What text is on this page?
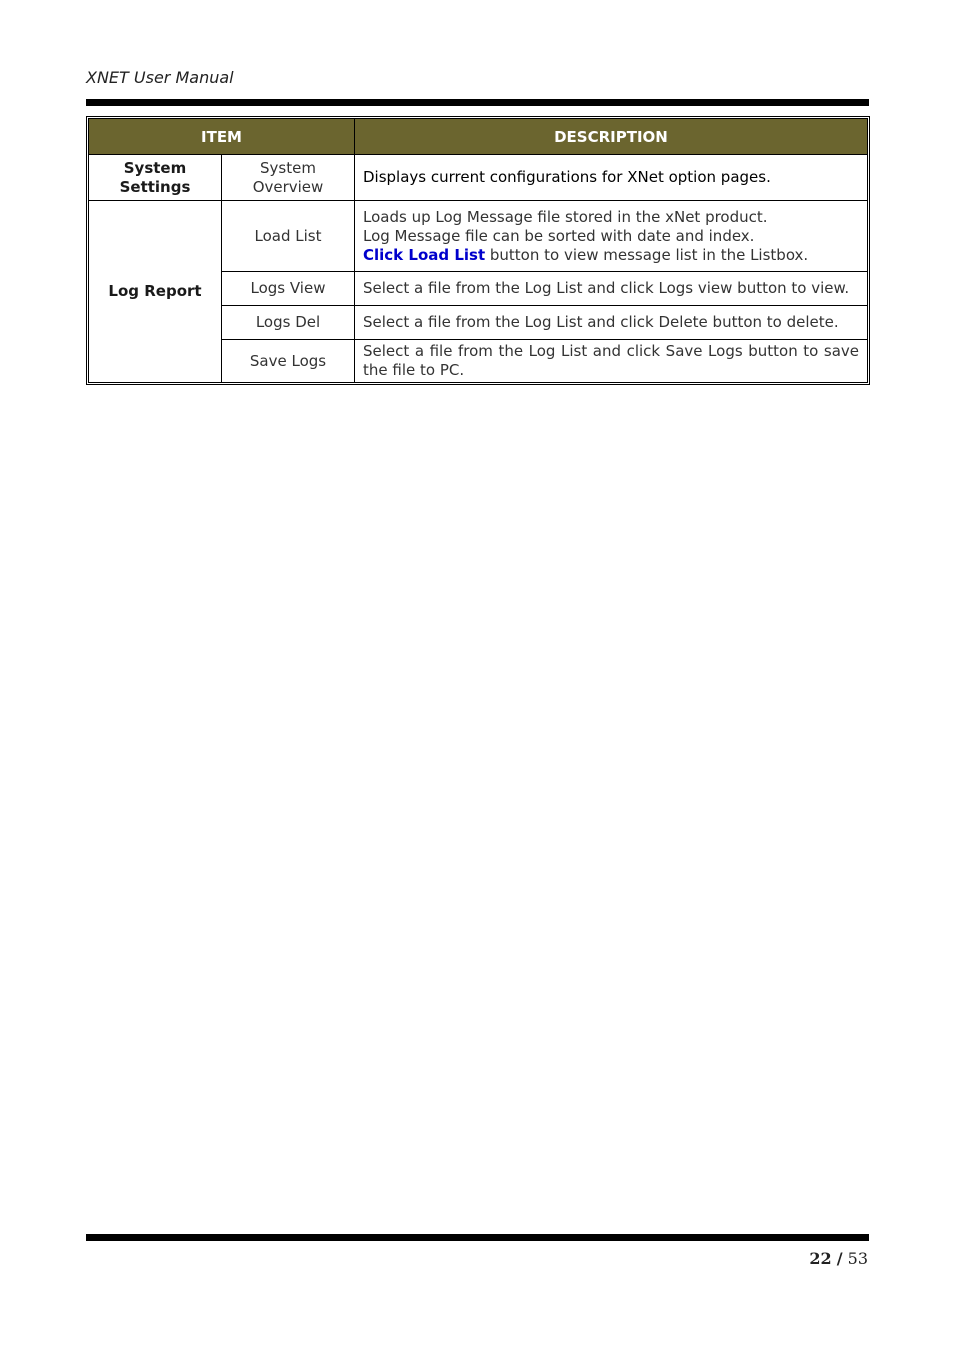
XNET User Manual
ITEM		DESCRIPTION
System Settings	System Overview	Displays current configurations for XNet option pages.
Log Report	Load List	Loads up Log Message file stored in the xNet product.
Log Message file can be sorted with date and index.
Click Load List button to view message list in the Listbox.

	Logs View	Select a file from the Log List and click Logs view button to view.
	Logs Del	Select a file from the Log List and click Delete button to delete.
	Save Logs	Select a file from the Log List and click Save Logs button to save the file to PC.
22 / 53
